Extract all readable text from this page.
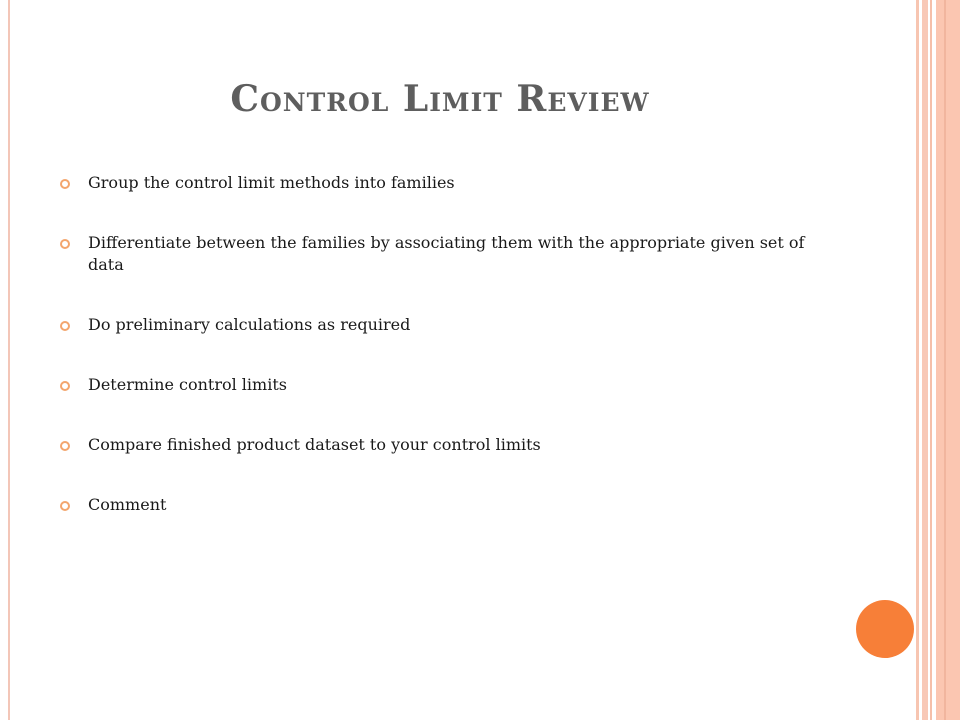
Control Limit Review
Group the control limit methods into families
Differentiate between the families by associating them with the appropriate given set of data
Do preliminary calculations as required
Determine control limits
Compare finished product dataset to your control limits
Comment
